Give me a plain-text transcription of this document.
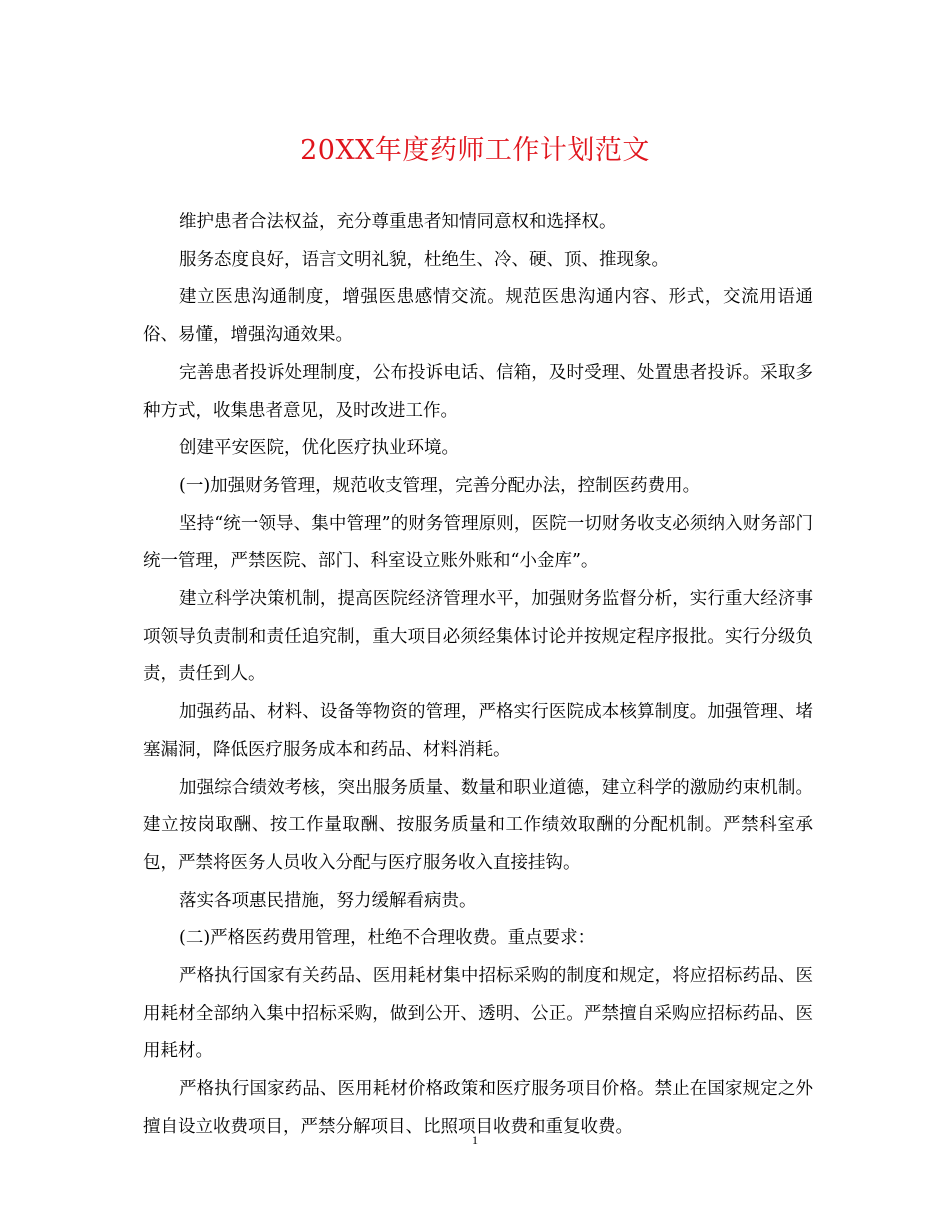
20XX年度药师工作计划范文

维护患者合法权益，充分尊重患者知情同意权和选择权。

服务态度良好，语言文明礼貌，杜绝生、冷、硬、顶、推现象。

建立医患沟通制度，增强医患感情交流。规范医患沟通内容、形式，交流用语通俗、易懂，增强沟通效果。

完善患者投诉处理制度，公布投诉电话、信箱，及时受理、处置患者投诉。采取多种方式，收集患者意见，及时改进工作。

创建平安医院，优化医疗执业环境。

(一)加强财务管理，规范收支管理，完善分配办法，控制医药费用。

坚持“统一领导、集中管理”的财务管理原则，医院一切财务收支必须纳入财务部门统一管理，严禁医院、部门、科室设立账外账和“小金库”。

建立科学决策机制，提高医院经济管理水平，加强财务监督分析，实行重大经济事项领导负责制和责任追究制，重大项目必须经集体讨论并按规定程序报批。实行分级负责，责任到人。

加强药品、材料、设备等物资的管理，严格实行医院成本核算制度。加强管理、堵塞漏洞，降低医疗服务成本和药品、材料消耗。

加强综合绩效考核，突出服务质量、数量和职业道德，建立科学的激励约束机制。建立按岗取酬、按工作量取酬、按服务质量和工作绩效取酬的分配机制。严禁科室承包，严禁将医务人员收入分配与医疗服务收入直接挂钩。

落实各项惠民措施，努力缓解看病贵。

(二)严格医药费用管理，杜绝不合理收费。重点要求：

严格执行国家有关药品、医用耗材集中招标采购的制度和规定，将应招标药品、医用耗材全部纳入集中招标采购，做到公开、透明、公正。严禁擅自采购应招标药品、医用耗材。

严格执行国家药品、医用耗材价格政策和医疗服务项目价格。禁止在国家规定之外擅自设立收费项目，严禁分解项目、比照项目收费和重复收费。

1
